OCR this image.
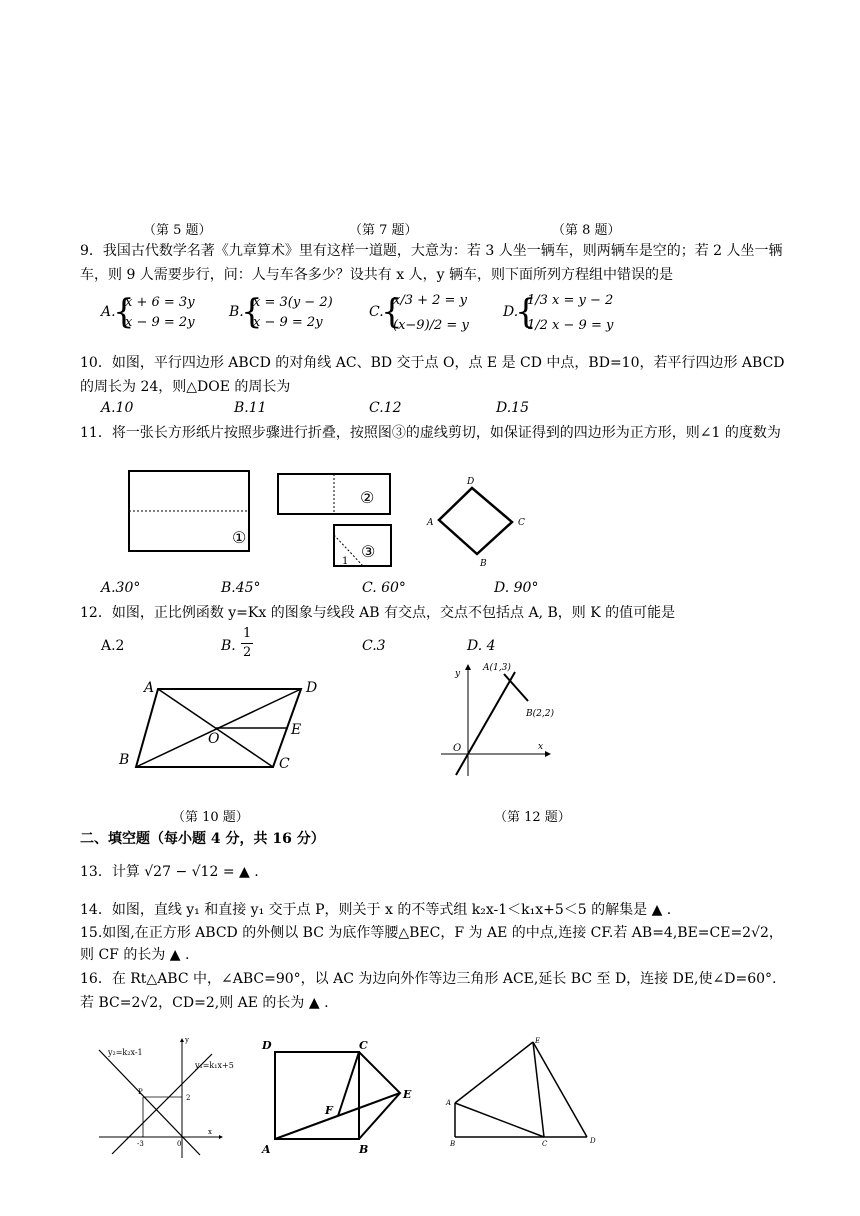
（第 5 题）	（第 7 题）	（第 8 题）
9．我国古代数学名著《九章算术》里有这样一道题，大意为：若 3 人坐一辆车，则两辆车是空的；若 2 人坐一辆车，则 9 人需要步行，问：人与车各多少？设共有 x 人，y 辆车，则下面所列方程组中错误的是
A.
{
x + 6 = 3y
x − 9 = 2y
B.
{
x = 3(y − 2)
x − 9 = 2y
C.
{
x/3 + 2 = y
(x−9)/2 = y
D.
{
1/3 x = y − 2
1/2 x − 9 = y
10．如图，平行四边形 ABCD 的对角线 AC、BD 交于点 O，点 E 是 CD 中点，BD=10，若平行四边形 ABCD 的周长为 24，则△DOE 的周长为
A.10	B.11	C.12	D.15
11．将一张长方形纸片按照步骤进行折叠，按照图③的虚线剪切，如保证得到的四边形为正方形，则∠1 的度数为
①
②
1
③
D
A	C
B
A.30°	B.45°	C. 60°	D. 90°
12．如图，正比例函数 y=Kx 的图象与线段 AB 有交点，交点不包括点 A, B，则 K 的值可能是
A.2	B.
1
2	C.3	D. 4
A	D
E
O
B	C
A(1,3)
B(2,2)
O	x
y
（第 10 题）	（第 12 题）
二、填空题（每小题 4 分，共 16 分）
13．计算 √27 − √12 = ▲ .
14．如图，直线 y₁ 和直接 y₁ 交于点 P，则关于 x 的不等式组 k₂x-1＜k₁x+5＜5 的解集是 ▲ .
15.如图,在正方形 ABCD 的外侧以 BC 为底作等腰△BEC，F 为 AE 的中点,连接 CF.若 AB=4,BE=CE=2√2，
则 CF 的长为 ▲ .
16．在 Rt△ABC 中，∠ABC=90°，以 AC 为边向外作等边三角形 ACE,延长 BC 至 D，连接 DE,使∠D=60°.
若 BC=2√2，CD=2,则 AE 的长为 ▲ .
y₂=k₂x-1
y₁=k₁x+5
P
2
-3	0
x
y	D	C
E
F
A	B
A
B	C	D
E
